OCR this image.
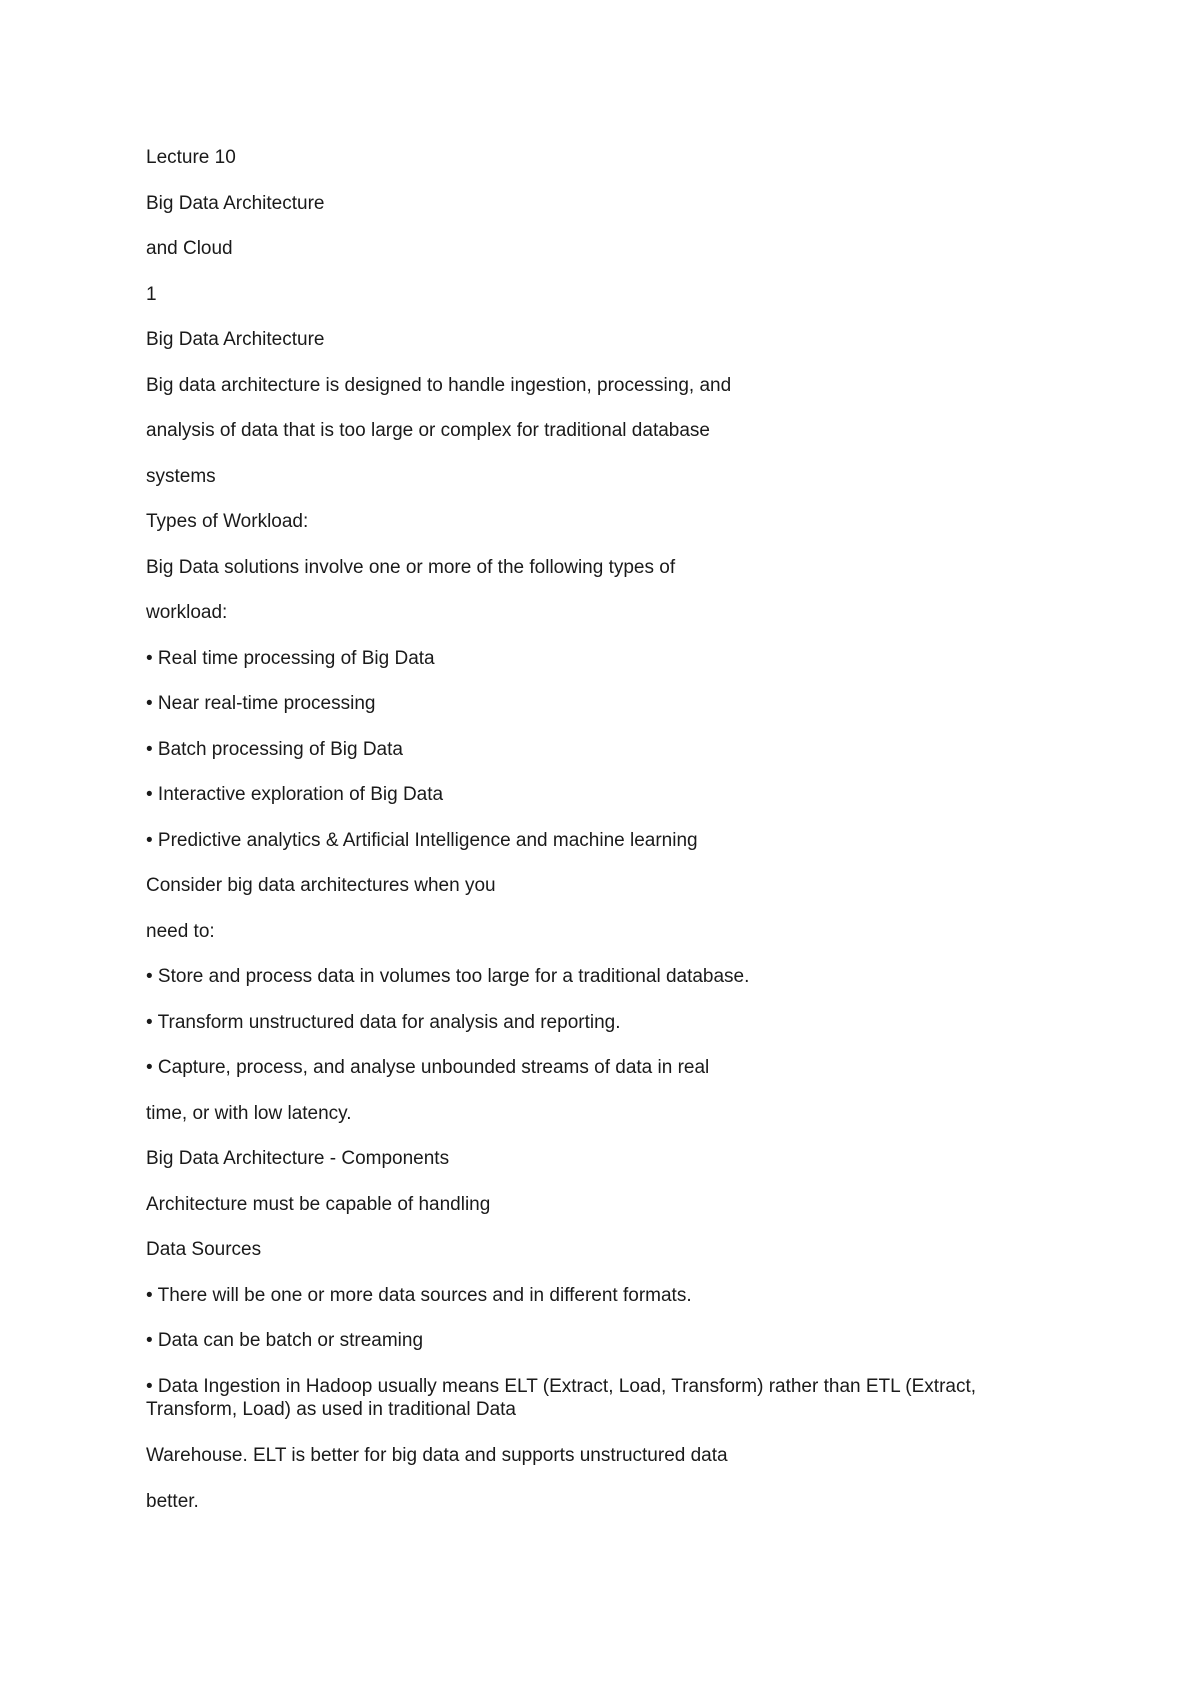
Lecture 10

Big Data Architecture

and Cloud

1

Big Data Architecture

Big data architecture is designed to handle ingestion, processing, and

analysis of data that is too large or complex for traditional database

systems

Types of Workload:

Big Data solutions involve one or more of the following types of

workload:

• Real time processing of Big Data

• Near real-time processing

• Batch processing of Big Data

• Interactive exploration of Big Data

• Predictive analytics & Artificial Intelligence and machine learning

Consider big data architectures when you

need to:

• Store and process data in volumes too large for a traditional database.

• Transform unstructured data for analysis and reporting.

• Capture, process, and analyse unbounded streams of data in real

time, or with low latency.

Big Data Architecture - Components

Architecture must be capable of handling

Data Sources

• There will be one or more data sources and in different formats.

• Data can be batch or streaming

• Data Ingestion in Hadoop usually means ELT (Extract, Load, Transform) rather than ETL (Extract, Transform, Load) as used in traditional Data

Warehouse. ELT is better for big data and supports unstructured data

better.
